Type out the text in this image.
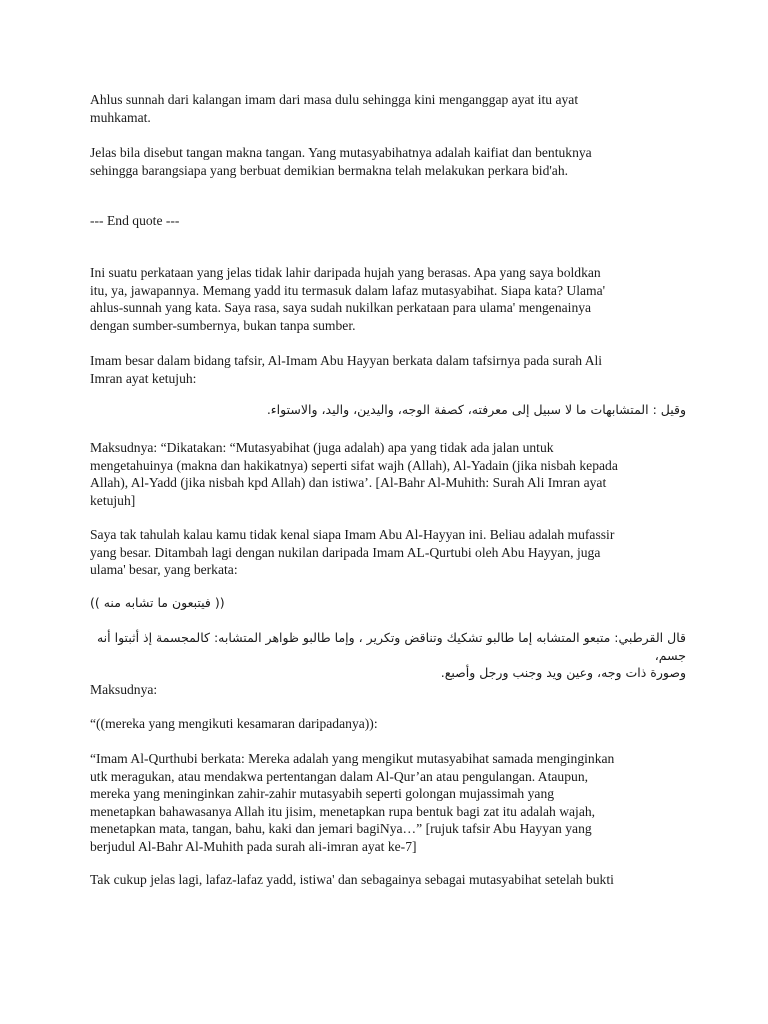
Ahlus sunnah dari kalangan imam dari masa dulu sehingga kini menganggap ayat itu ayat
muhkamat.
Jelas bila disebut tangan makna tangan. Yang mutasyabihatnya adalah kaifiat dan bentuknya
sehingga barangsiapa yang berbuat demikian bermakna telah melakukan perkara bid'ah.
--- End quote ---
Ini suatu perkataan yang jelas tidak lahir daripada hujah yang berasas. Apa yang saya boldkan
itu, ya, jawapannya. Memang yadd itu termasuk dalam lafaz mutasyabihat. Siapa kata? Ulama'
ahlus-sunnah yang kata. Saya rasa, saya sudah nukilkan perkataan para ulama' mengenainya
dengan sumber-sumbernya, bukan tanpa sumber.
Imam besar dalam bidang tafsir, Al-Imam Abu Hayyan berkata dalam tafsirnya pada surah Ali
Imran ayat ketujuh:
وقيل : المتشابهات ما لا سبيل إلى معرفته، كصفة الوجه، واليدين، واليد، والاستواء.
Maksudnya: “Dikatakan: “Mutasyabihat (juga adalah) apa yang tidak ada jalan untuk
mengetahuinya (makna dan hakikatnya) seperti sifat wajh (Allah), Al-Yadain (jika nisbah kepada
Allah), Al-Yadd (jika nisbah kpd Allah) dan istiwa’. [Al-Bahr Al-Muhith: Surah Ali Imran ayat
ketujuh]
Saya tak tahulah kalau kamu tidak kenal siapa Imam Abu Al-Hayyan ini. Beliau adalah mufassir
yang besar. Ditambah lagi dengan nukilan daripada Imam AL-Qurtubi oleh Abu Hayyan, juga
ulama' besar, yang berkata:
(( فيتبعون ما تشابه منه ))
قال القرطبي: متبعو المتشابه إما طالبو تشكيك وتناقض وتكرير ، وإما طالبو ظواهر المتشابه: كالمجسمة إذ أثبتوا أنه جسم،
وصورة ذات وجه، وعين ويد وجنب ورجل وأصبع.
Maksudnya:
“((mereka yang mengikuti kesamaran daripadanya)):
“Imam Al-Qurthubi berkata: Mereka adalah yang mengikut mutasyabihat samada menginginkan
utk meragukan, atau mendakwa pertentangan dalam Al-Qur’an atau pengulangan. Ataupun,
mereka yang meninginkan zahir-zahir mutasyabih seperti golongan mujassimah yang
menetapkan bahawasanya Allah itu jisim, menetapkan rupa bentuk bagi zat itu adalah wajah,
menetapkan mata, tangan, bahu, kaki dan jemari bagiNya…” [rujuk tafsir Abu Hayyan yang
berjudul Al-Bahr Al-Muhith pada surah ali-imran ayat ke-7]
Tak cukup jelas lagi, lafaz-lafaz yadd, istiwa' dan sebagainya sebagai mutasyabihat setelah bukti
